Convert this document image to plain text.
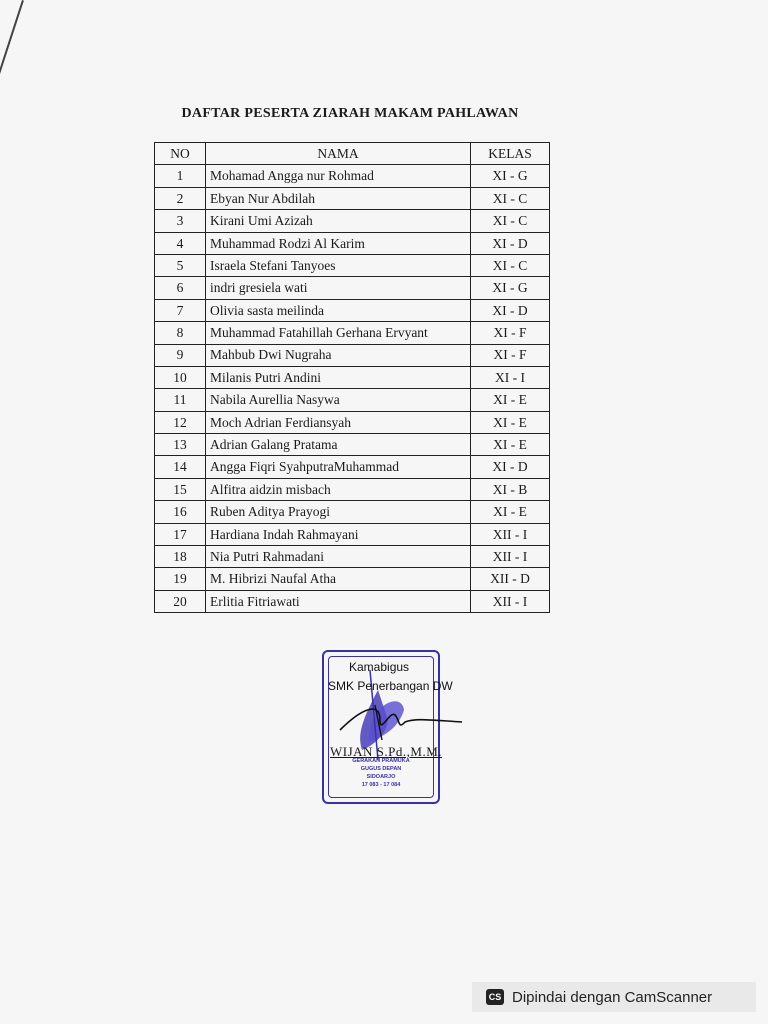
DAFTAR PESERTA ZIARAH MAKAM PAHLAWAN
NO	NAMA	KELAS
1	Mohamad Angga nur Rohmad	XI - G
2	Ebyan Nur Abdilah	XI - C
3	Kirani Umi Azizah	XI - C
4	Muhammad Rodzi Al Karim	XI - D
5	Israela Stefani Tanyoes	XI - C
6	indri gresiela wati	XI - G
7	Olivia sasta meilinda	XI - D
8	Muhammad Fatahillah Gerhana Ervyant	XI - F
9	Mahbub Dwi Nugraha	XI - F
10	Milanis Putri Andini	XI - I
11	Nabila Aurellia Nasywa	XI - E
12	Moch Adrian Ferdiansyah	XI - E
13	Adrian Galang Pratama	XI - E
14	Angga Fiqri SyahputraMuhammad	XI - D
15	Alfitra aidzin misbach	XI - B
16	Ruben Aditya Prayogi	XI - E
17	Hardiana Indah Rahmayani	XII - I
18	Nia Putri Rahmadani	XII - I
19	M. Hibrizi Naufal Atha	XII - D
20	Erlitia Fitriawati	XII - I
GERAKAN PRAMUKA
GUGUS DEPAN
SIDOARJO
17 083 - 17 084
Kamabigus
SMK Penerbangan DW
WIJAN S.Pd.,M.M.
CS Dipindai dengan CamScanner
